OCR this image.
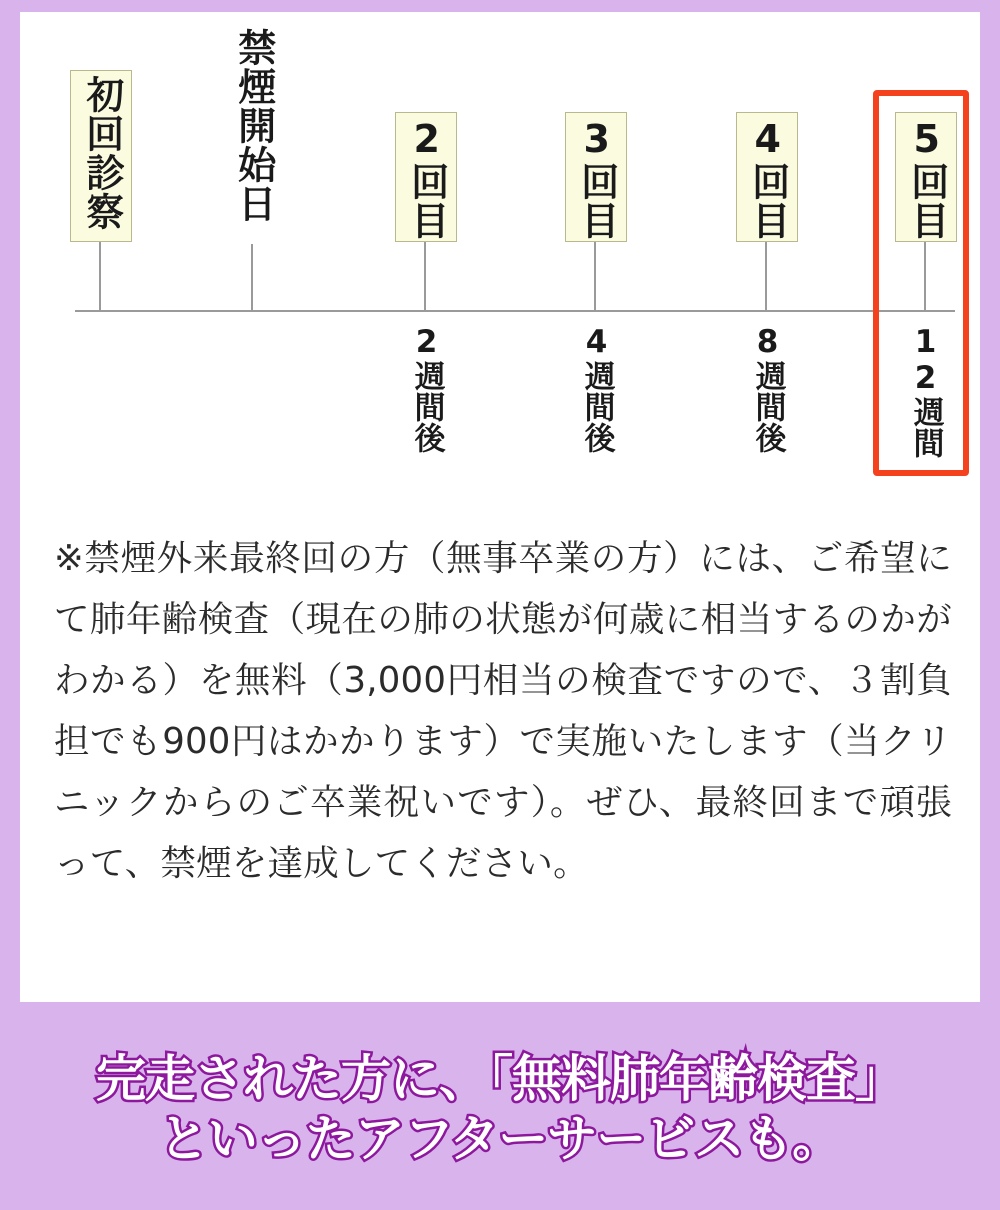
初回診察	禁煙開始日	2回目
2週間後
3回目
4週間後
4回目
8週間後
5回目
12週間

※禁煙外来最終回の方（無事卒業の方）には、ご希望にて肺年齢検査（現在の肺の状態が何歳に相当するのかがわかる）を無料（3,000円相当の検査ですので、３割負担でも900円はかかります）で実施いたします（当クリニックからのご卒業祝いです）。ぜひ、最終回まで頑張って、禁煙を達成してください。

完走された方に、「無料肺年齢検査」
といったアフターサービスも。
